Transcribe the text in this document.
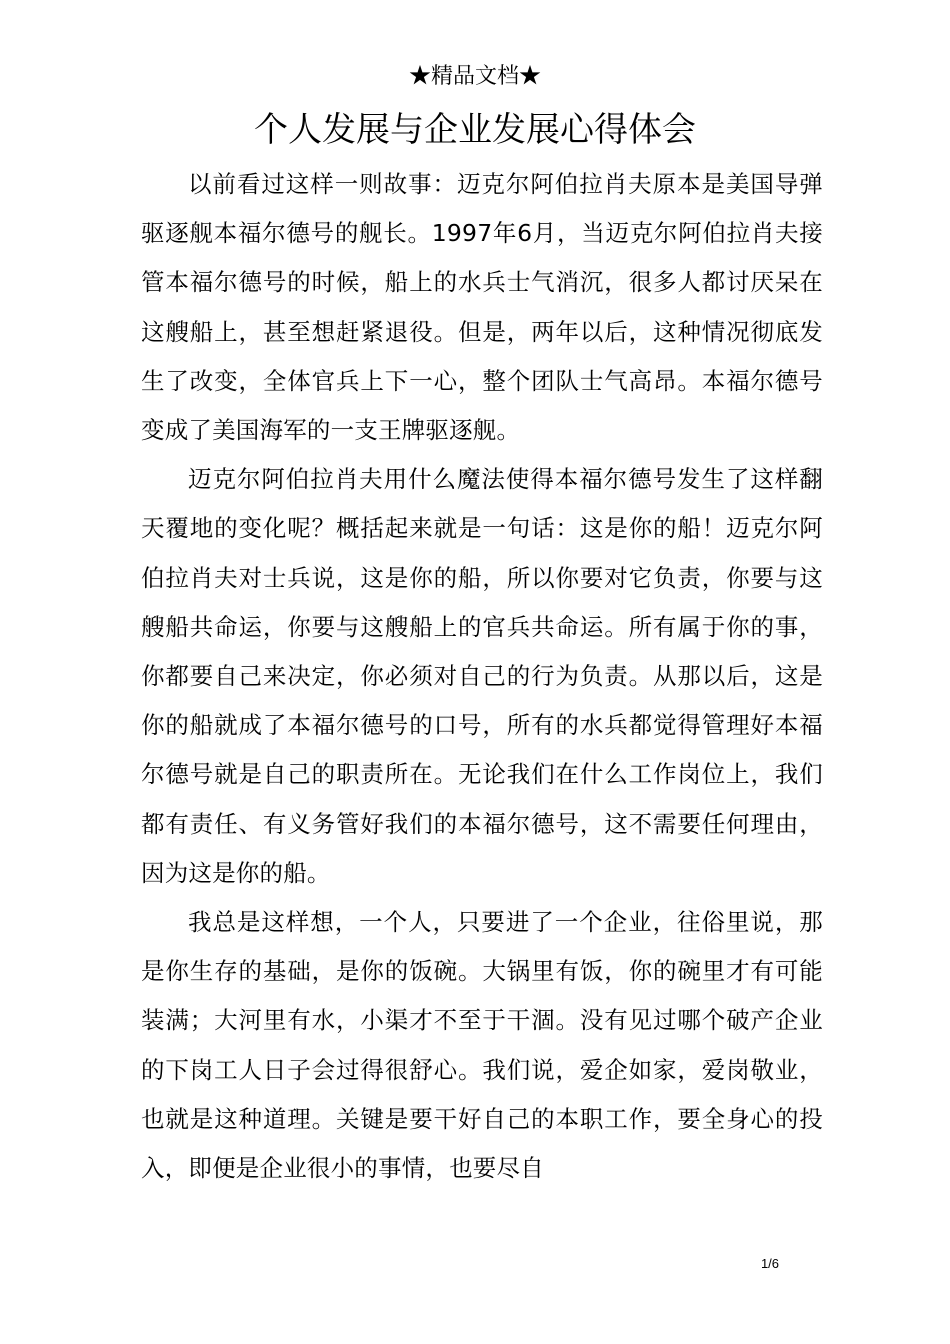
★精品文档★
个人发展与企业发展心得体会

以前看过这样一则故事：迈克尔阿伯拉肖夫原本是美国导弹驱逐舰本福尔德号的舰长。1997年6月，当迈克尔阿伯拉肖夫接管本福尔德号的时候，船上的水兵士气消沉，很多人都讨厌呆在这艘船上，甚至想赶紧退役。但是，两年以后，这种情况彻底发生了改变，全体官兵上下一心，整个团队士气高昂。本福尔德号变成了美国海军的一支王牌驱逐舰。

迈克尔阿伯拉肖夫用什么魔法使得本福尔德号发生了这样翻天覆地的变化呢？概括起来就是一句话：这是你的船！迈克尔阿伯拉肖夫对士兵说，这是你的船，所以你要对它负责，你要与这艘船共命运，你要与这艘船上的官兵共命运。所有属于你的事，你都要自己来决定，你必须对自己的行为负责。从那以后，这是你的船就成了本福尔德号的口号，所有的水兵都觉得管理好本福尔德号就是自己的职责所在。无论我们在什么工作岗位上，我们都有责任、有义务管好我们的本福尔德号，这不需要任何理由，因为这是你的船。

我总是这样想，一个人，只要进了一个企业，往俗里说，那是你生存的基础，是你的饭碗。大锅里有饭，你的碗里才有可能装满；大河里有水，小渠才不至于干涸。没有见过哪个破产企业的下岗工人日子会过得很舒心。我们说，爱企如家，爱岗敬业，也就是这种道理。关键是要干好自己的本职工作，要全身心的投入，即便是企业很小的事情，也要尽自

1/6
